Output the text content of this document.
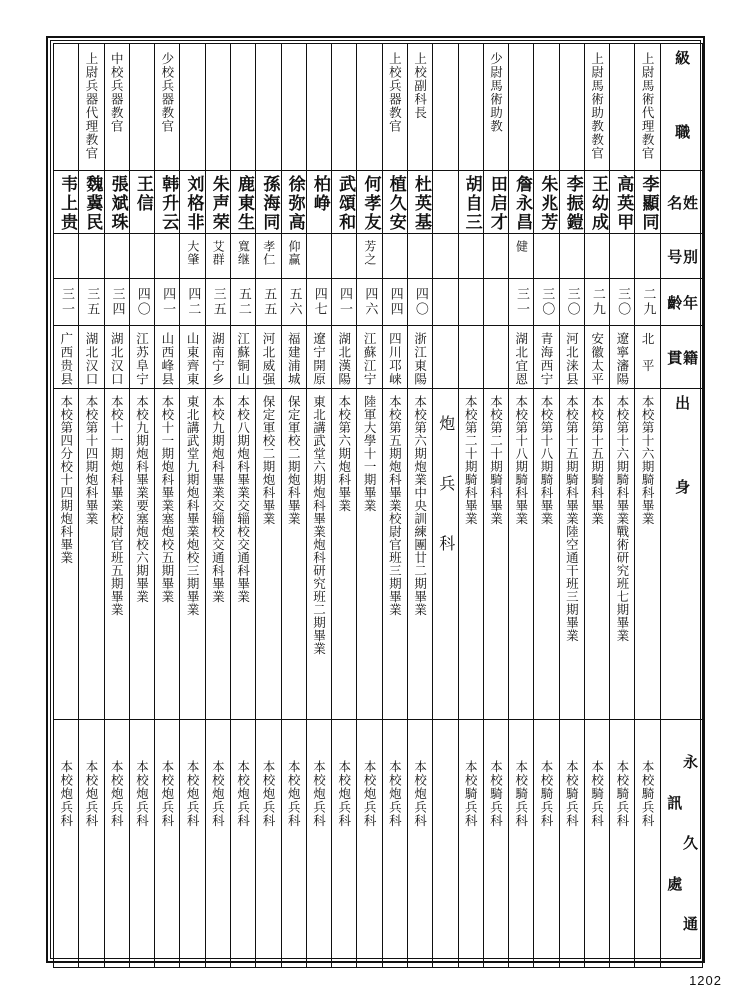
級　職	上尉馬術代理教官		上尉馬術助教教官				少尉馬術助教			上校副科長	上校兵器教官									少校兵器教官		中校兵器教官	上尉兵器代理教官	

姓　名	李顯同	高英甲	王幼成	李振鎧	朱兆芳	詹永昌	田启才	胡自三		杜英基	植久安	何孝友	武頌和	柏峥	徐弥高	孫海同	鹿東生	朱声荣	刘格非	韩升云	王信	張斌珠	魏冀民	韦上贵

別号						健						芳之			仰赢	孝仁	寬继	艾群	大肇					

年齡	二九	三〇	二九	三〇	三〇	三一				四〇	四四	四六	四一	四七	五六	五五	五二	三五	四二	四一	四〇	三四	三五	三一

籍　貫	北　平	遼寧瀋陽	安徽太平	河北涞县	青海西宁	湖北宜恩				浙江東陽	四川邛崃	江蘇江宁	湖北漢陽	遼宁開原	福建浦城	河北威强	江蘇铜山	湖南宁乡	山東齊東	山西峰县	江苏阜宁	湖北汉口	湖北汉口	广西贵县

出　　　身	本校第十六期騎科畢業	本校第十六期騎科畢業戰術研究班七期畢業	本校第十五期騎科畢業	本校第十五期騎科畢業陸空通干班三期畢業	本校第十八期騎科畢業	本校第十八期騎科畢業	本校第二十期騎科畢業	本校第二十期騎科畢業	炮　兵　科	本校第六期炮業中央訓練團廿二期畢業	本校第五期炮科畢業校尉官班三期畢業	陸軍大學十一期畢業	本校第六期炮科畢業	東北講武堂六期炮科畢業炮科研究班二期畢業	保定軍校二期炮科畢業	保定軍校二期炮科畢業	本校八期炮科畢業交辎校交通科畢業	本校九期炮科畢業交辎校交通科畢業	東北講武堂九期炮科畢業炮校三期畢業	本校十一期炮科畢業塞炮校五期畢業	本校九期炮科畢業要塞炮校六期畢業	本校十一期炮科畢業校尉官班五期畢業	本校第十四期炮科畢業	本校第四分校十四期炮科畢業

永 久 通 訊 處	本校騎兵科	本校騎兵科	本校騎兵科	本校騎兵科	本校騎兵科	本校騎兵科	本校騎兵科	本校騎兵科		本校炮兵科	本校炮兵科	本校炮兵科	本校炮兵科	本校炮兵科	本校炮兵科	本校炮兵科	本校炮兵科	本校炮兵科	本校炮兵科	本校炮兵科	本校炮兵科	本校炮兵科	本校炮兵科	本校炮兵科
1202
